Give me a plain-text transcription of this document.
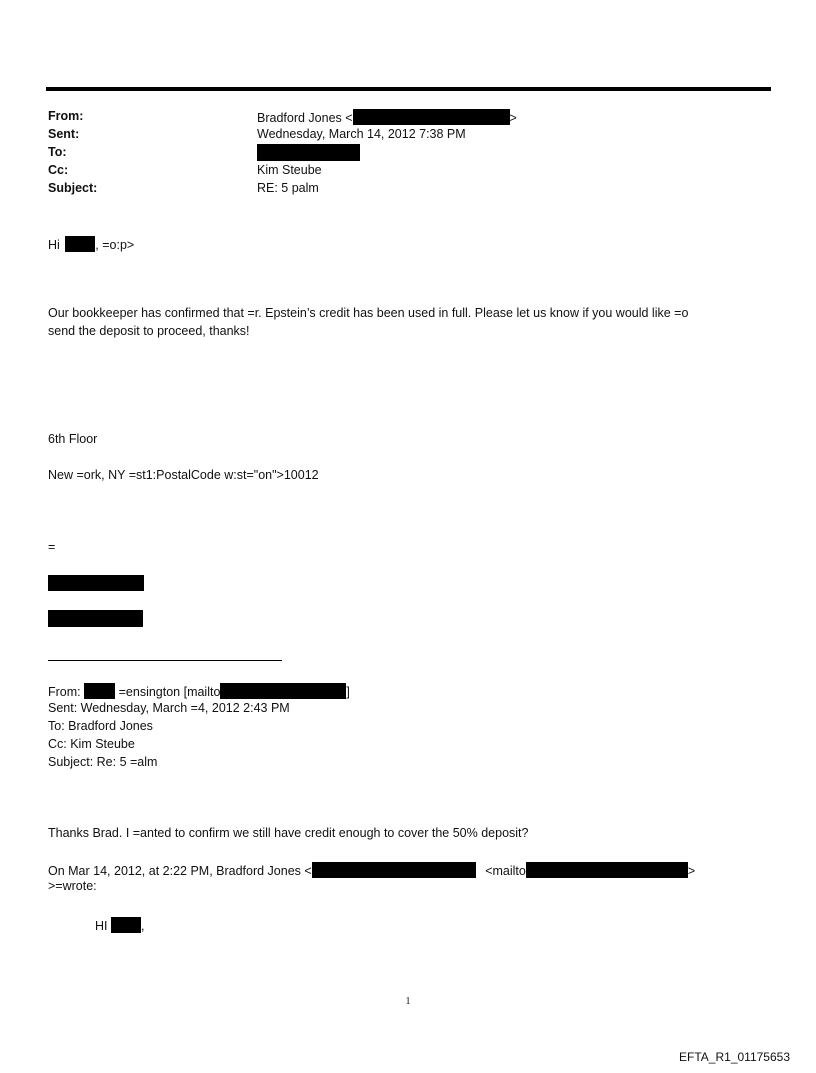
From:	Bradford Jones <	>
Sent:	Wednesday, March 14, 2012 7:38 PM
To:
Cc:	Kim Steube
Subject:	RE: 5 palm
Hi	, =o:p>
Our bookkeeper has confirmed that =r. Epstein’s credit has been used in full. Please let us know if you would like =o
send the deposit to proceed, thanks!
6th Floor
New =ork, NY =st1:PostalCode w:st="on">10012
=
From:	=ensington [mailto	]
Sent: Wednesday, March =4, 2012 2:43 PM
To: Bradford Jones
Cc: Kim Steube
Subject: Re: 5 =alm
Thanks Brad. I =anted to confirm we still have credit enough to cover the 50% deposit?
On Mar 14, 2012, at 2:22 PM, Bradford Jones <	<mailto	>
>=wrote:
HI	,
1
EFTA_R1_01175653
